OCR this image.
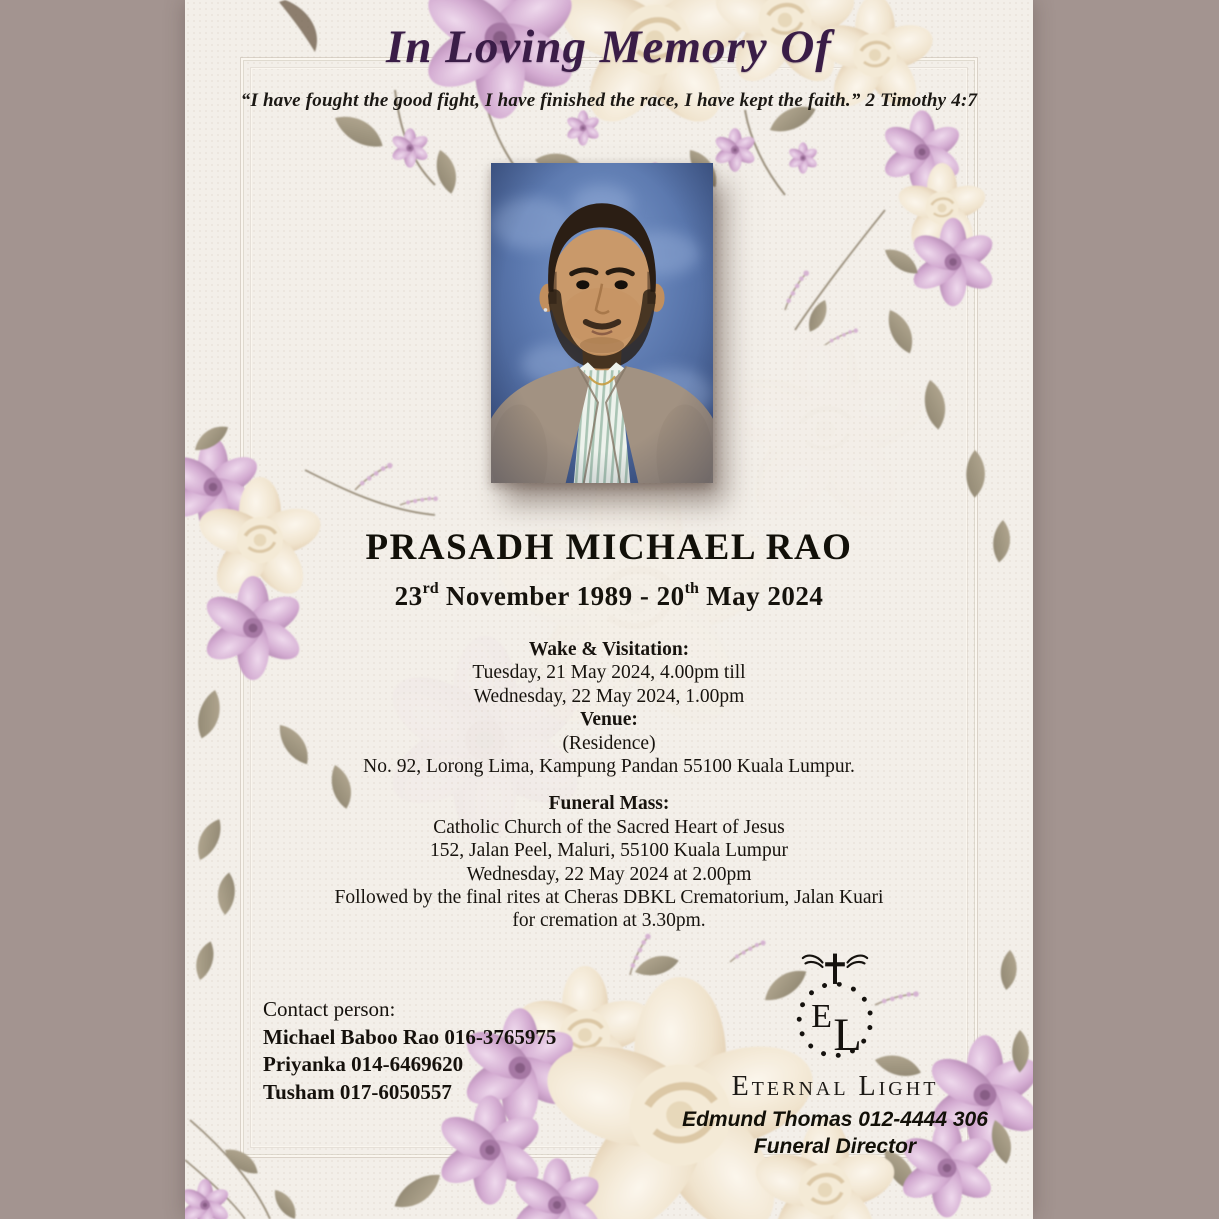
In Loving Memory Of

“I have fought the good fight, I have finished the race, I have kept the faith.” 2 Timothy 4:7

PRASADH MICHAEL RAO
23rd November 1989 - 20th May 2024
Wake & Visitation:
Tuesday, 21 May 2024, 4.00pm till
Wednesday, 22 May 2024, 1.00pm
Venue:
(Residence)
No. 92, Lorong Lima, Kampung Pandan 55100 Kuala Lumpur.
Funeral Mass:
Catholic Church of the Sacred Heart of Jesus
152, Jalan Peel, Maluri, 55100 Kuala Lumpur
Wednesday, 22 May 2024 at 2.00pm
Followed by the final rites at Cheras DBKL Crematorium, Jalan Kuari
for cremation at 3.30pm.
Contact person:
Michael Baboo Rao 016-3765975
Priyanka 014-6469620
Tusham 017-6050557
E L
Eternal Light
Edmund Thomas 012-4444 306
Funeral Director
